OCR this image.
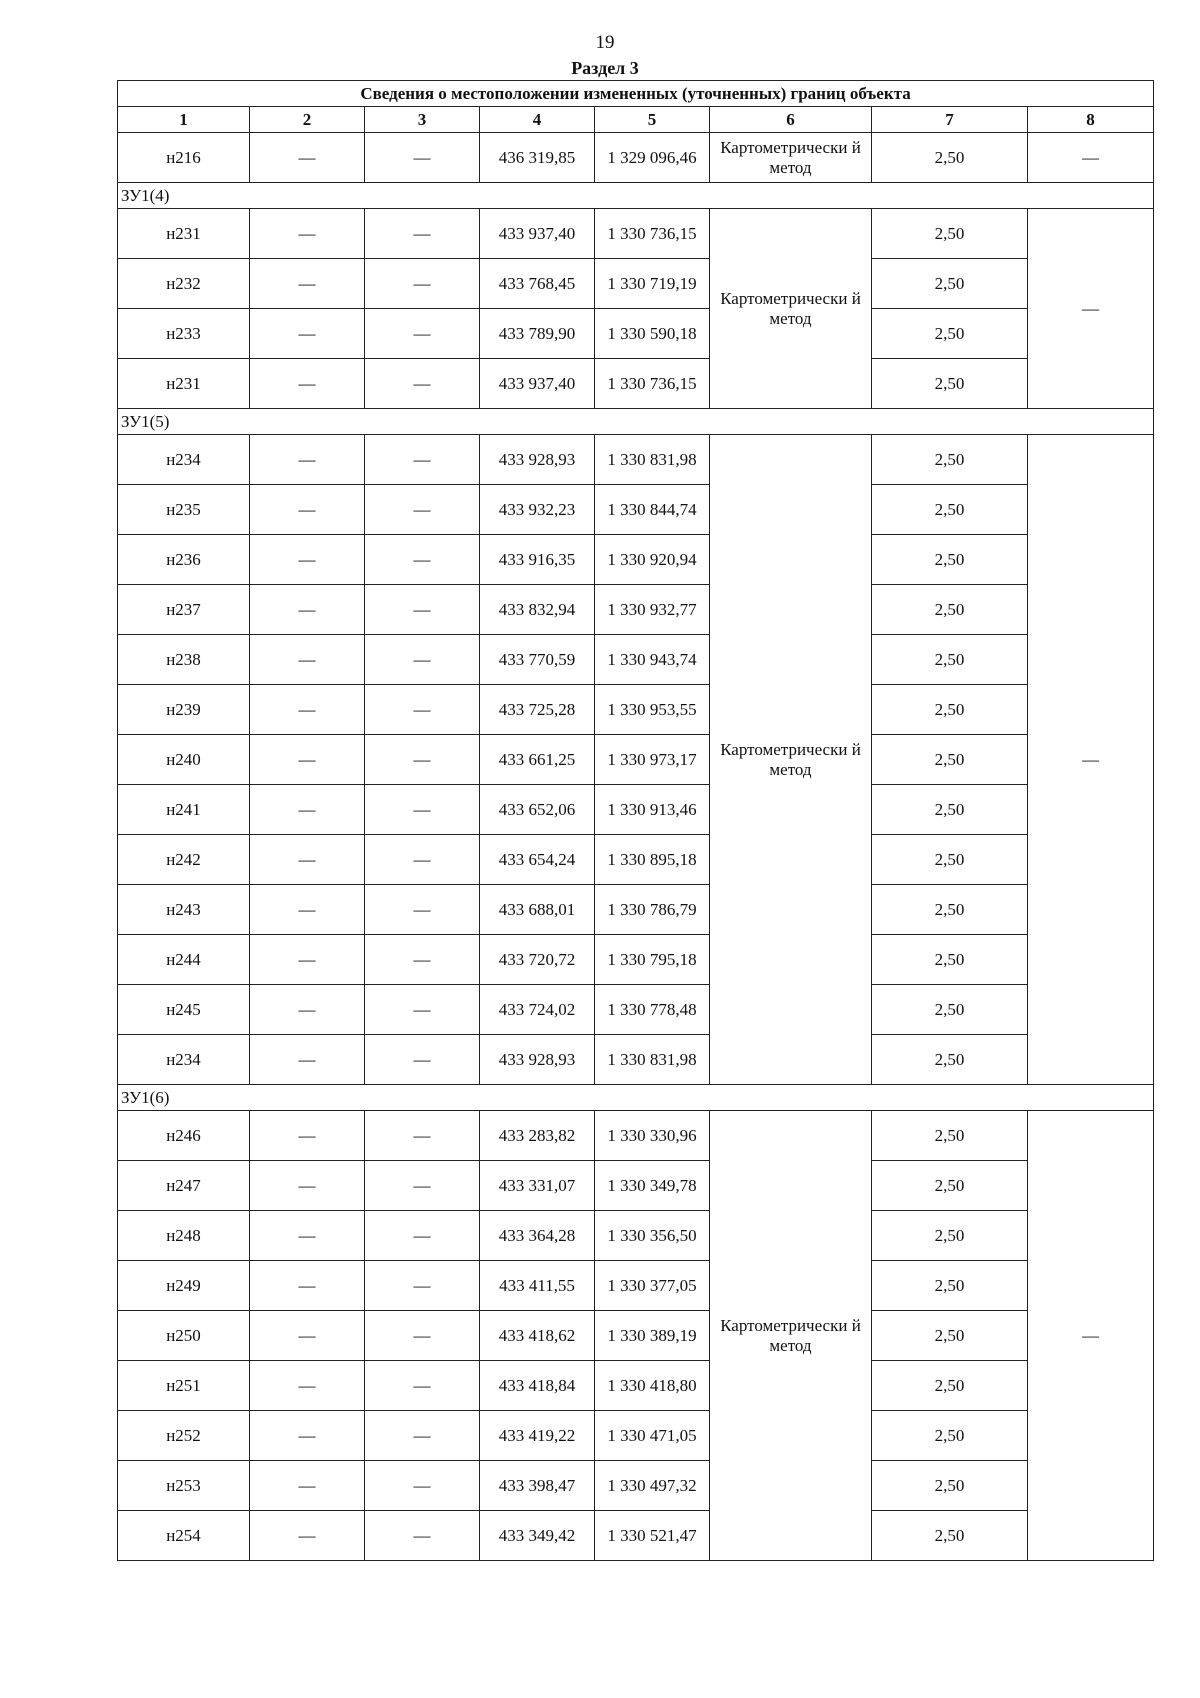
19
Раздел 3
Сведения о местоположении измененных (уточненных) границ объекта							
1	2	3	4	5	6	7	8
н216	—	—	436 319,85	1 329 096,46	Картометрически й метод	2,50	—
ЗУ1(4)							
н231	—	—	433 937,40	1 330 736,15	Картометрически й метод	2,50	—
н232	—	—	433 768,45	1 330 719,19		2,50	
н233	—	—	433 789,90	1 330 590,18		2,50	
н231	—	—	433 937,40	1 330 736,15		2,50	
ЗУ1(5)							
н234	—	—	433 928,93	1 330 831,98	Картометрически й метод	2,50	—
н235	—	—	433 932,23	1 330 844,74		2,50	
н236	—	—	433 916,35	1 330 920,94		2,50	
н237	—	—	433 832,94	1 330 932,77		2,50	
н238	—	—	433 770,59	1 330 943,74		2,50	
н239	—	—	433 725,28	1 330 953,55		2,50	
н240	—	—	433 661,25	1 330 973,17		2,50	
н241	—	—	433 652,06	1 330 913,46		2,50	
н242	—	—	433 654,24	1 330 895,18		2,50	
н243	—	—	433 688,01	1 330 786,79		2,50	
н244	—	—	433 720,72	1 330 795,18		2,50	
н245	—	—	433 724,02	1 330 778,48		2,50	
н234	—	—	433 928,93	1 330 831,98		2,50	
ЗУ1(6)							
н246	—	—	433 283,82	1 330 330,96	Картометрически й метод	2,50	—
н247	—	—	433 331,07	1 330 349,78		2,50	
н248	—	—	433 364,28	1 330 356,50		2,50	
н249	—	—	433 411,55	1 330 377,05		2,50	
н250	—	—	433 418,62	1 330 389,19		2,50	
н251	—	—	433 418,84	1 330 418,80		2,50	
н252	—	—	433 419,22	1 330 471,05		2,50	
н253	—	—	433 398,47	1 330 497,32		2,50	
н254	—	—	433 349,42	1 330 521,47		2,50	
